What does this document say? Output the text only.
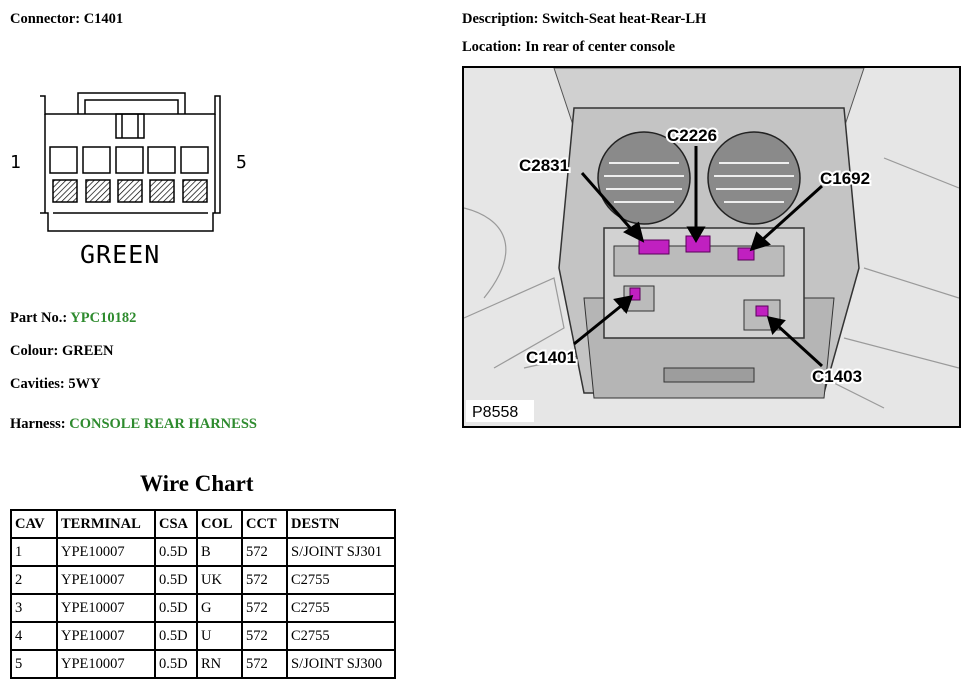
Connector: C1401	Description: Switch-Seat heat-Rear-LH
Location: In rear of center console
1	5
GREEN
Part No.: YPC10182
Colour: GREEN
Cavities: 5WY
Harness: CONSOLE REAR HARNESS
C2226
C2831
C1692
C1401
C1403
P8558
Wire Chart
CAV	TERMINAL	CSA	COL	CCT	DESTN
1	YPE10007	0.5D	B	572	S/JOINT SJ301
2	YPE10007	0.5D	UK	572	C2755
3	YPE10007	0.5D	G	572	C2755
4	YPE10007	0.5D	U	572	C2755
5	YPE10007	0.5D	RN	572	S/JOINT SJ300
